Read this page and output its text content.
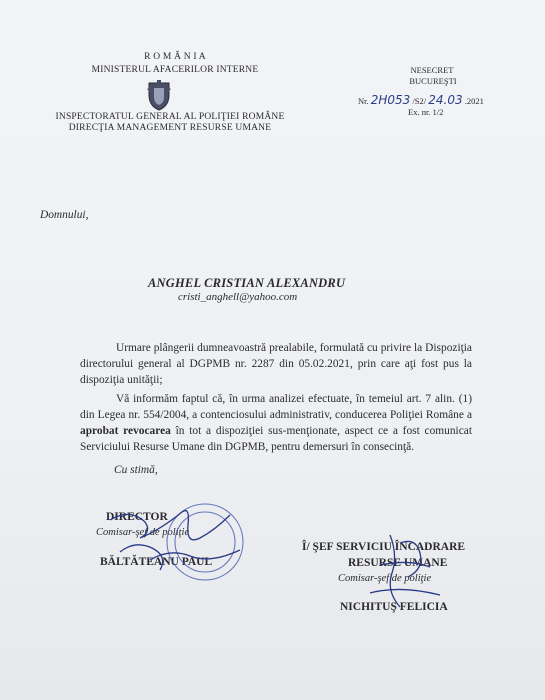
R O M Â N I A
MINISTERUL AFACERILOR INTERNE
INSPECTORATUL GENERAL AL POLIŢIEI ROMÂNE
DIRECŢIA MANAGEMENT RESURSE UMANE
NESECRET
BUCUREŞTI
Nr. 2H053 /S2/ 24.03 .2021
Ex. nr. 1/2
Domnului,
ANGHEL CRISTIAN ALEXANDRU
cristi_anghell@yahoo.com
Urmare plângerii dumneavoastră prealabile, formulată cu privire la Dispoziţia directorului general al DGPMB nr. 2287 din 05.02.2021, prin care aţi fost pus la dispoziţia unităţii;
Vă informăm faptul că, în urma analizei efectuate, în temeiul art. 7 alin. (1) din Legea nr. 554/2004, a contenciosului administrativ, conducerea Poliţiei Române a aprobat revocarea în tot a dispoziţiei sus-menţionate, aspect ce a fost comunicat Serviciului Resurse Umane din DGPMB, pentru demersuri în consecinţă.
Cu stimă,
DIRECTOR
Comisar-şef de poliţie
BĂLTĂTEANU PAUL
Î/ ŞEF SERVICIU ÎNCADRARE
RESURSE UMANE
Comisar-şef de poliţie
NICHITUŞ FELICIA
